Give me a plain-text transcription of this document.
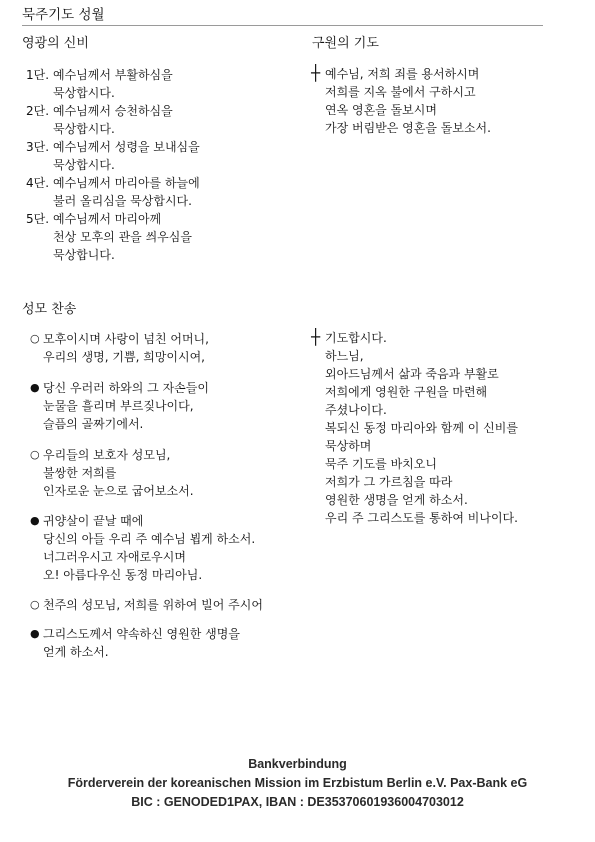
묵주기도 성월
영광의 신비
1단. 예수님께서 부활하심을
묵상합시다.
2단. 예수님께서 승천하심을
묵상합시다.
3단. 예수님께서 성령을 보내심을
묵상합시다.
4단. 예수님께서 마리아를 하늘에
불러 올리심을 묵상합시다.
5단. 예수님께서 마리아께
천상 모후의 관을 씌우심을
묵상합니다.
구원의 기도
┼ 예수님, 저희 죄를 용서하시며
저희를 지옥 불에서 구하시고
연옥 영혼을 돌보시며
가장 버림받은 영혼을 돌보소서.
성모 찬송
○ 모후이시며 사랑이 넘친 어머니,
우리의 생명, 기쁨, 희망이시여,
● 당신 우러러 하와의 그 자손들이
눈물을 흘리며 부르짖나이다,
슬픔의 골짜기에서.
○ 우리들의 보호자 성모님,
불쌍한 저희를
인자로운 눈으로 굽어보소서.
● 귀양살이 끝날 때에
당신의 아들 우리 주 예수님 뵙게 하소서.
너그러우시고 자애로우시며
오! 아름다우신 동정 마리아님.
○ 천주의 성모님, 저희를 위하여 빌어 주시어
● 그리스도께서 약속하신 영원한 생명을
얻게 하소서.
┼ 기도합시다.
하느님,
외아드님께서 삶과 죽음과 부활로
저희에게 영원한 구원을 마련해
주셨나이다.
복되신 동정 마리아와 함께 이 신비를
묵상하며
묵주 기도를 바치오니
저희가 그 가르침을 따라
영원한 생명을 얻게 하소서.
우리 주 그리스도를 통하여 비나이다.
Bankverbindung
Förderverein der koreanischen Mission im Erzbistum Berlin e.V. Pax-Bank eG
BIC : GENODED1PAX, IBAN : DE35370601936004703012
